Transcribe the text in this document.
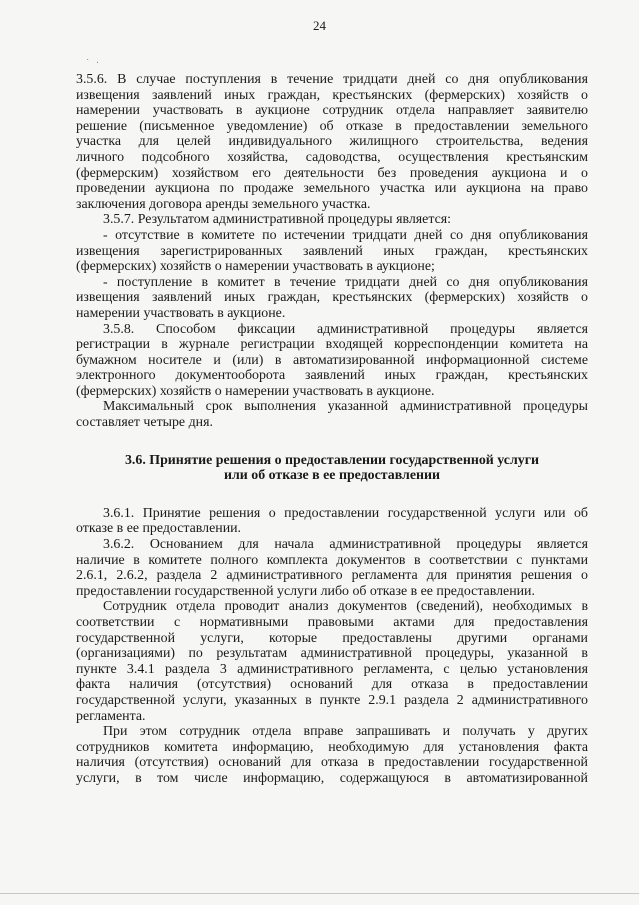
24
˙ ·
3.5.6. В случае поступления в течение тридцати дней со дня опубликования
извещения заявлений иных граждан, крестьянских (фермерских) хозяйств о
намерении участвовать в аукционе сотрудник отдела направляет заявителю
решение (письменное уведомление) об отказе в предоставлении земельного
участка для целей индивидуального жилищного строительства, ведения
личного подсобного хозяйства, садоводства, осуществления крестьянским
(фермерским) хозяйством его деятельности без проведения аукциона и о
проведении аукциона по продаже земельного участка или аукциона на право
заключения договора аренды земельного участка.
3.5.7. Результатом административной процедуры является:
- отсутствие в комитете по истечении тридцати дней со дня опубликования
извещения зарегистрированных заявлений иных граждан, крестьянских
(фермерских) хозяйств о намерении участвовать в аукционе;
- поступление в комитет в течение тридцати дней со дня опубликования
извещения заявлений иных граждан, крестьянских (фермерских) хозяйств о
намерении участвовать в аукционе.
3.5.8. Способом фиксации административной процедуры является
регистрации в журнале регистрации входящей корреспонденции комитета на
бумажном носителе и (или) в автоматизированной информационной системе
электронного документооборота заявлений иных граждан, крестьянских
(фермерских) хозяйств о намерении участвовать в аукционе.
Максимальный срок выполнения указанной административной процедуры
составляет четыре дня.
3.6. Принятие решения о предоставлении государственной услуги
или об отказе в ее предоставлении
3.6.1. Принятие решения о предоставлении государственной услуги или об
отказе в ее предоставлении.
3.6.2. Основанием для начала административной процедуры является
наличие в комитете полного комплекта документов в соответствии с пунктами
2.6.1, 2.6.2, раздела 2 административного регламента для принятия решения о
предоставлении государственной услуги либо об отказе в ее предоставлении.
Сотрудник отдела проводит анализ документов (сведений), необходимых в
соответствии с нормативными правовыми актами для предоставления
государственной услуги, которые предоставлены другими органами
(организациями) по результатам административной процедуры, указанной в
пункте 3.4.1 раздела 3 административного регламента, с целью установления
факта наличия (отсутствия) оснований для отказа в предоставлении
государственной услуги, указанных в пункте 2.9.1 раздела 2 административного
регламента.
При этом сотрудник отдела вправе запрашивать и получать у других
сотрудников комитета информацию, необходимую для установления факта
наличия (отсутствия) оснований для отказа в предоставлении государственной
услуги, в том числе информацию, содержащуюся в автоматизированной
